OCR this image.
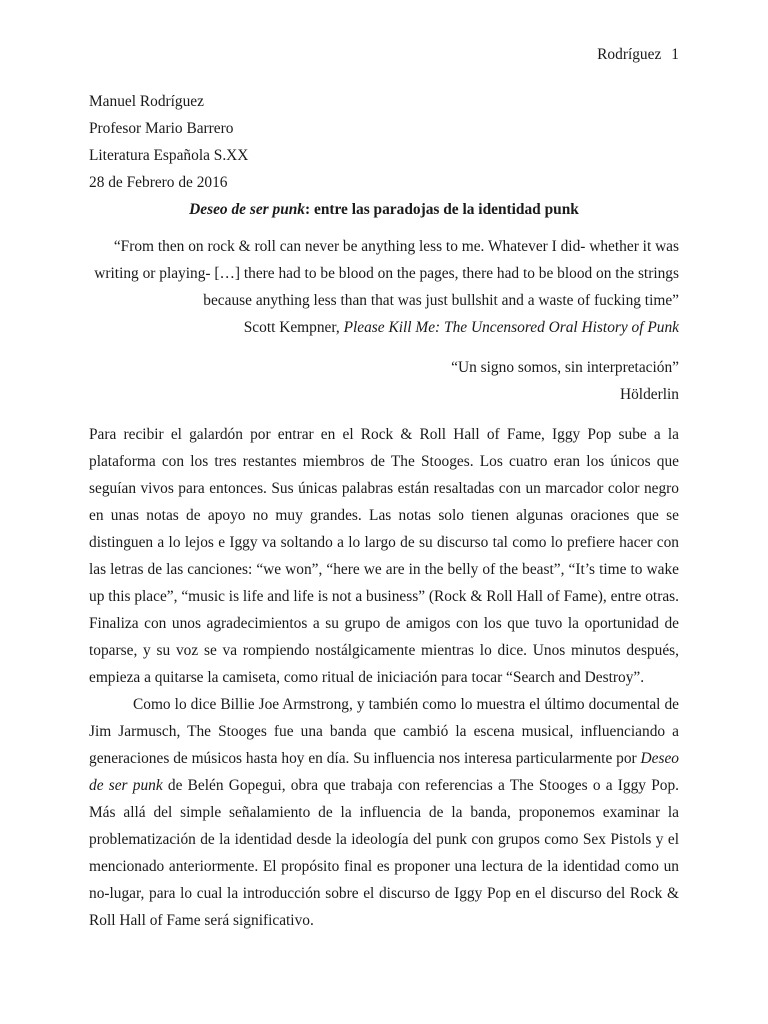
Rodríguez 1
Manuel Rodríguez
Profesor Mario Barrero
Literatura Española S.XX
28 de Febrero de 2016
Deseo de ser punk: entre las paradojas de la identidad punk
“From then on rock & roll can never be anything less to me. Whatever I did- whether it was
writing or playing- […] there had to be blood on the pages, there had to be blood on the strings
because anything less than that was just bullshit and a waste of fucking time”
Scott Kempner, Please Kill Me: The Uncensored Oral History of Punk
“Un signo somos, sin interpretación”
Hölderlin

Para recibir el galardón por entrar en el Rock & Roll Hall of Fame, Iggy Pop sube a la plataforma con los tres restantes miembros de The Stooges. Los cuatro eran los únicos que seguían vivos para entonces. Sus únicas palabras están resaltadas con un marcador color negro en unas notas de apoyo no muy grandes. Las notas solo tienen algunas oraciones que se distinguen a lo lejos e Iggy va soltando a lo largo de su discurso tal como lo prefiere hacer con las letras de las canciones: “we won”, “here we are in the belly of the beast”, “It’s time to wake up this place”, “music is life and life is not a business” (Rock & Roll Hall of Fame), entre otras. Finaliza con unos agradecimientos a su grupo de amigos con los que tuvo la oportunidad de toparse, y su voz se va rompiendo nostálgicamente mientras lo dice. Unos minutos después, empieza a quitarse la camiseta, como ritual de iniciación para tocar “Search and Destroy”.

Como lo dice Billie Joe Armstrong, y también como lo muestra el último documental de Jim Jarmusch, The Stooges fue una banda que cambió la escena musical, influenciando a generaciones de músicos hasta hoy en día. Su influencia nos interesa particularmente por Deseo de ser punk de Belén Gopegui, obra que trabaja con referencias a The Stooges o a Iggy Pop. Más allá del simple señalamiento de la influencia de la banda, proponemos examinar la problematización de la identidad desde la ideología del punk con grupos como Sex Pistols y el mencionado anteriormente. El propósito final es proponer una lectura de la identidad como un no-lugar, para lo cual la introducción sobre el discurso de Iggy Pop en el discurso del Rock & Roll Hall of Fame será significativo.
